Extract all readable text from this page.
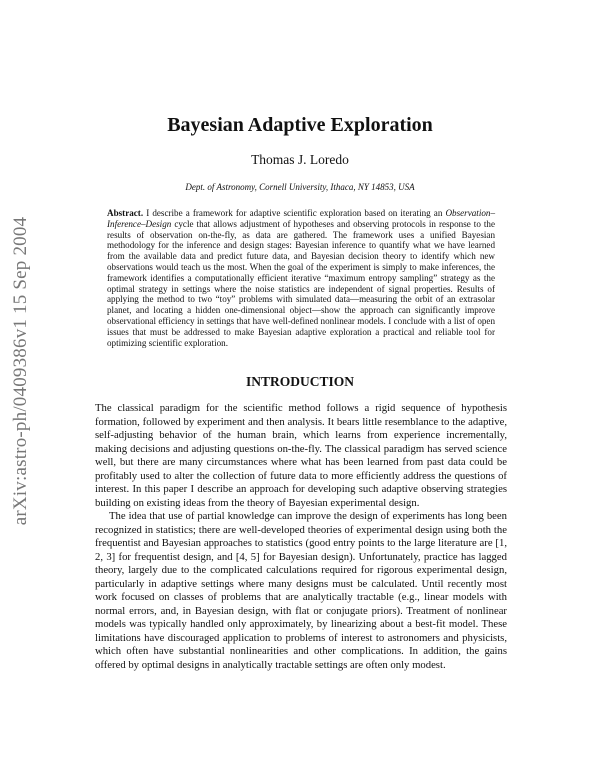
arXiv:astro-ph/0409386v1 15 Sep 2004
Bayesian Adaptive Exploration
Thomas J. Loredo
Dept. of Astronomy, Cornell University, Ithaca, NY 14853, USA
Abstract. I describe a framework for adaptive scientific exploration based on iterating an Observation–Inference–Design cycle that allows adjustment of hypotheses and observing protocols in response to the results of observation on-the-fly, as data are gathered. The framework uses a unified Bayesian methodology for the inference and design stages: Bayesian inference to quantify what we have learned from the available data and predict future data, and Bayesian decision theory to identify which new observations would teach us the most. When the goal of the experiment is simply to make inferences, the framework identifies a computationally efficient iterative “maximum entropy sampling” strategy as the optimal strategy in settings where the noise statistics are independent of signal properties. Results of applying the method to two “toy” problems with simulated data—measuring the orbit of an extrasolar planet, and locating a hidden one-dimensional object—show the approach can significantly improve observational efficiency in settings that have well-defined nonlinear models. I conclude with a list of open issues that must be addressed to make Bayesian adaptive exploration a practical and reliable tool for optimizing scientific exploration.
INTRODUCTION

The classical paradigm for the scientific method follows a rigid sequence of hypothesis formation, followed by experiment and then analysis. It bears little resemblance to the adaptive, self-adjusting behavior of the human brain, which learns from experience incrementally, making decisions and adjusting questions on-the-fly. The classical paradigm has served science well, but there are many circumstances where what has been learned from past data could be profitably used to alter the collection of future data to more efficiently address the questions of interest. In this paper I describe an approach for developing such adaptive observing strategies building on existing ideas from the theory of Bayesian experimental design.

The idea that use of partial knowledge can improve the design of experiments has long been recognized in statistics; there are well-developed theories of experimental design using both the frequentist and Bayesian approaches to statistics (good entry points to the large literature are [1, 2, 3] for frequentist design, and [4, 5] for Bayesian design). Unfortunately, practice has lagged theory, largely due to the complicated calculations required for rigorous experimental design, particularly in adaptive settings where many designs must be calculated. Until recently most work focused on classes of problems that are analytically tractable (e.g., linear models with normal errors, and, in Bayesian design, with flat or conjugate priors). Treatment of nonlinear models was typically handled only approximately, by linearizing about a best-fit model. These limitations have discouraged application to problems of interest to astronomers and physicists, which often have substantial nonlinearities and other complications. In addition, the gains offered by optimal designs in analytically tractable settings are often only modest.
